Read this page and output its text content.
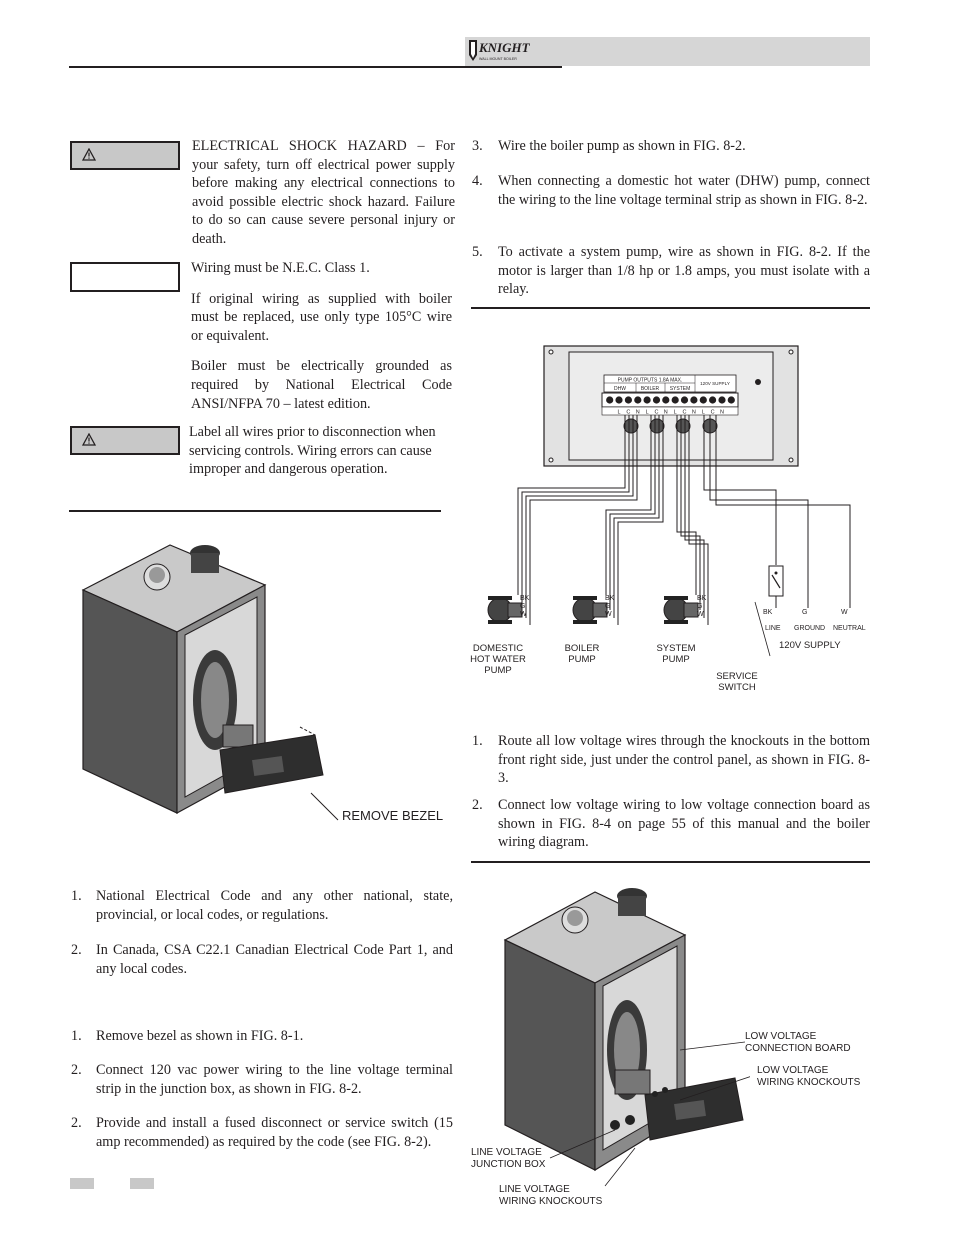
KNIGHT
WALL MOUNT BOILER

ELECTRICAL SHOCK HAZARD – For your safety, turn off electrical power supply before making any electrical connections to avoid possible electric shock hazard. Failure to do so can cause severe personal injury or death.

Wiring must be N.E.C. Class 1.

If original wiring as supplied with boiler must be replaced, use only type 105°C wire or equivalent.

Boiler must be electrically grounded as required by National Electrical Code ANSI/NFPA 70 – latest edition.

Label all wires prior to disconnection when servicing controls. Wiring errors can cause improper and dangerous operation.

REMOVE BEZEL
1. National Electrical Code and any other national, state, provincial, or local codes, or regulations.
2. In Canada, CSA C22.1 Canadian Electrical Code Part 1, and any local codes.
1. Remove bezel as shown in FIG. 8-1.
2. Connect 120 vac power wiring to the line voltage terminal strip in the junction box, as shown in FIG. 8-2.
2. Provide and install a fused disconnect or service switch (15 amp recommended) as required by the code (see FIG. 8-2).
3. Wire the boiler pump as shown in FIG. 8-2.
4. When connecting a domestic hot water (DHW) pump, connect the wiring to the line voltage terminal strip as shown in FIG. 8-2.
5. To activate a system pump, wire as shown in FIG. 8-2. If the motor is larger than 1/8 hp or 1.8 amps, you must isolate with a relay.
PUMP OUTPUTS 1.8A MAX.
DHW	BOILER SYSTEM
120V SUPPLY
L C N L C N L C N L C N
BK
G
W
BK
G
W
BK
G
W	BK	G	W
LINE GROUND NEUTRAL
120V SUPPLY
DOMESTIC
HOT WATER
PUMP
BOILER
PUMP
SYSTEM
PUMP
SERVICE
SWITCH
1. Route all low voltage wires through the knockouts in the bottom front right side, just under the control panel, as shown in FIG. 8-3.
2. Connect low voltage wiring to low voltage connection board as shown in FIG. 8-4 on page 55 of this manual and the boiler wiring diagram.
LOW VOLTAGE
CONNECTION BOARD
LOW VOLTAGE
WIRING KNOCKOUTS
LINE VOLTAGE
JUNCTION BOX
LINE VOLTAGE
WIRING KNOCKOUTS
